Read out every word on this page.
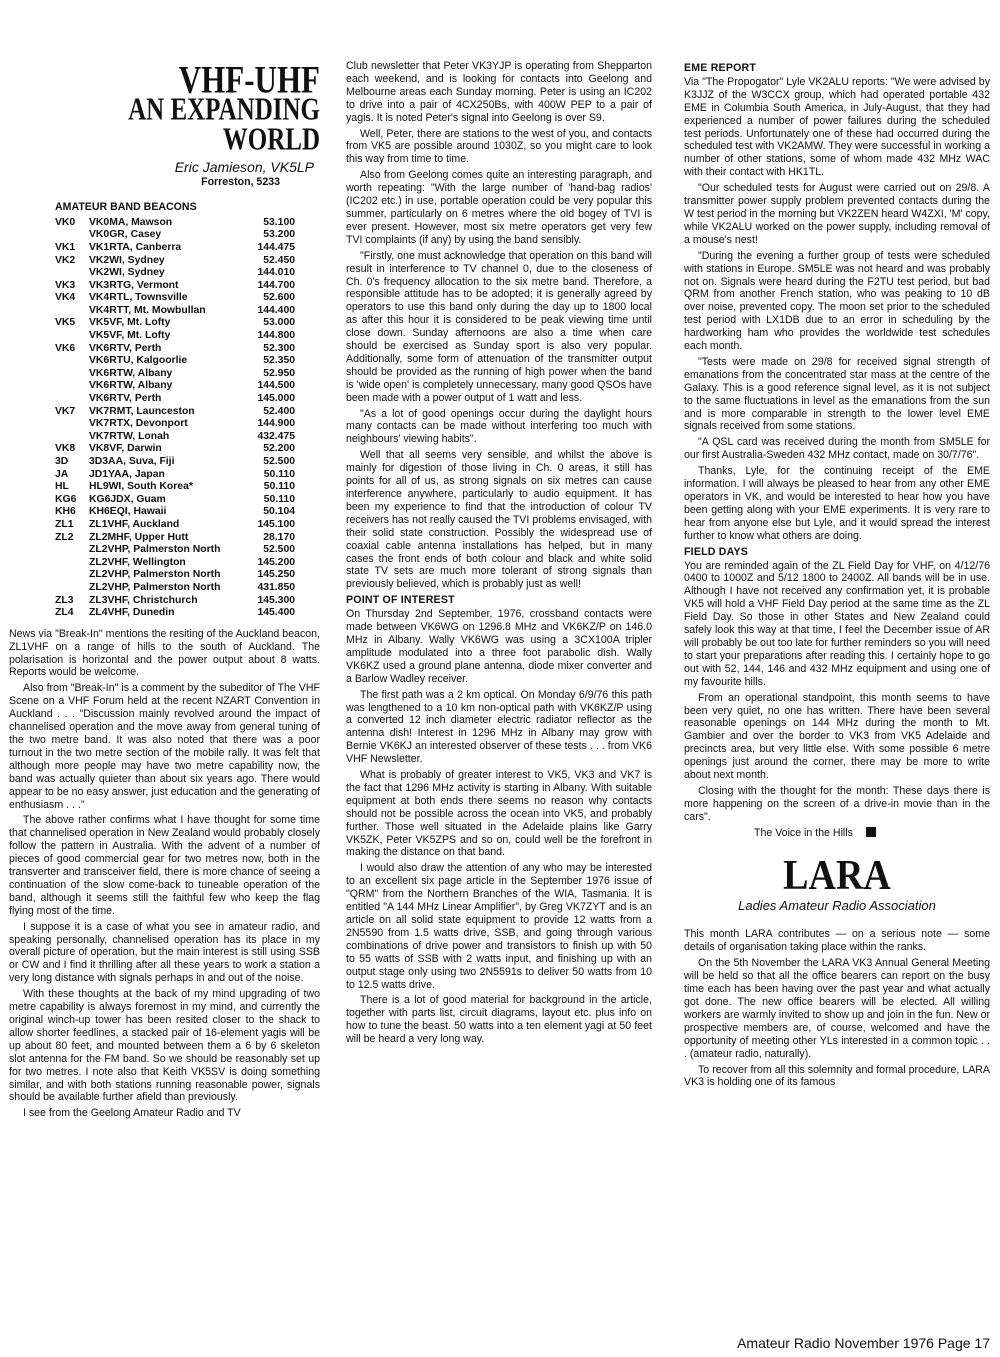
VHF-UHF
AN EXPANDING
WORLD
Eric Jamieson, VK5LP
Forreston, 5233
AMATEUR BAND BEACONS
VK0	VK0MA, Mawson	53.100
	VK0GR, Casey	53.200
VK1	VK1RTA, Canberra	144.475
VK2	VK2WI, Sydney	52.450
	VK2WI, Sydney	144.010
VK3	VK3RTG, Vermont	144.700
VK4	VK4RTL, Townsville	52.600
	VK4RTT, Mt. Mowbullan	144.400
VK5	VK5VF, Mt. Lofty	53.000
	VK5VF, Mt. Lofty	144.800
VK6	VK6RTV, Perth	52.300
	VK6RTU, Kalgoorlie	52.350
	VK6RTW, Albany	52.950
	VK6RTW, Albany	144.500
	VK6RTV, Perth	145.000
VK7	VK7RMT, Launceston	52.400
	VK7RTX, Devonport	144.900
	VK7RTW, Lonah	432.475
VK8	VK8VF, Darwin	52.200
3D	3D3AA, Suva, Fiji	52.500
JA	JD1YAA, Japan	50.110
HL	HL9WI, South Korea*	50.110
KG6	KG6JDX, Guam	50.110
KH6	KH6EQI, Hawaii	50.104
ZL1	ZL1VHF, Auckland	145.100
ZL2	ZL2MHF, Upper Hutt	28.170
	ZL2VHP, Palmerston North	52.500
	ZL2VHF, Wellington	145.200
	ZL2VHP, Palmerston North	145.250
	ZL2VHP, Palmerston North	431.850
ZL3	ZL3VHF, Christchurch	145.300
ZL4	ZL4VHF, Dunedin	145.400

News via "Break-In" mentions the resiting of the Auckland beacon, ZL1VHF on a range of hills to the south of Auckland. The polarisation is horizontal and the power output about 8 watts. Reports would be welcome.

Also from "Break-In" is a comment by the subeditor of The VHF Scene on a VHF Forum held at the recent NZART Convention in Auckland . . . "Discussion mainly revolved around the impact of channelised operation and the move away from general tuning of the two metre band. It was also noted that there was a poor turnout in the two metre section of the mobile rally. It was felt that although more people may have two metre capability now, the band was actually quieter than about six years ago. There would appear to be no easy answer, just education and the generating of enthusiasm . . ."

The above rather confirms what I have thought for some time that channelised operation in New Zealand would probably closely follow the pattern in Australia. With the advent of a number of pieces of good commercial gear for two metres now, both in the transverter and transceiver field, there is more chance of seeing a continuation of the slow come-back to tuneable operation of the band, although it seems still the faithful few who keep the flag flying most of the time.

I suppose it is a case of what you see in amateur radio, and speaking personally, channelised operation has its place in my overall picture of operation, but the main interest is still using SSB or CW and I find it thrilling after all these years to work a station a very long distance with signals perhaps in and out of the noise.

With these thoughts at the back of my mind upgrading of two metre capability is always foremost in my mind, and currently the original winch-up tower has been resited closer to the shack to allow shorter feedlines, a stacked pair of 16-element yagis will be up about 80 feet, and mounted between them a 6 by 6 skeleton slot antenna for the FM band. So we should be reasonably set up for two metres. I note also that Keith VK5SV is doing something similar, and with both stations running reasonable power, signals should be available further afield than previously.

I see from the Geelong Amateur Radio and TV

Club newsletter that Peter VK3YJP is operating from Shepparton each weekend, and is looking for contacts into Geelong and Melbourne areas each Sunday morning. Peter is using an IC202 to drive into a pair of 4CX250Bs, with 400W PEP to a pair of yagis. It is noted Peter's signal into Geelong is over S9.

Well, Peter, there are stations to the west of you, and contacts from VK5 are possible around 1030Z, so you might care to look this way from time to time.

Also from Geelong comes quite an interesting paragraph, and worth repeating: "With the large number of 'hand-bag radios' (IC202 etc.) in use, portable operation could be very popular this summer, particularly on 6 metres where the old bogey of TVI is ever present. However, most six metre operators get very few TVI complaints (if any) by using the band sensibly.

"Firstly, one must acknowledge that operation on this band will result in interference to TV channel 0, due to the closeness of Ch. 0's frequency allocation to the six metre band. Therefore, a responsible attitude has to be adopted; it is generally agreed by operators to use this band only during the day up to 1800 local as after this hour it is considered to be peak viewing time until close down. Sunday afternoons are also a time when care should be exercised as Sunday sport is also very popular. Additionally, some form of attenuation of the transmitter output should be provided as the running of high power when the band is 'wide open' is completely unnecessary, many good QSOs have been made with a power output of 1 watt and less.

"As a lot of good openings occur during the daylight hours many contacts can be made without interfering too much with neighbours' viewing habits".

Well that all seems very sensible, and whilst the above is mainly for digestion of those living in Ch. 0 areas, it still has points for all of us, as strong signals on six metres can cause interference anywhere, particularly to audio equipment. It has been my experience to find that the introduction of colour TV receivers has not really caused the TVI problems envisaged, with their solid state construction. Possibly the widespread use of coaxial cable antenna installations has helped, but in many cases the front ends of both colour and black and white solid state TV sets are much more tolerant of strong signals than previously believed, which is probably just as well!

POINT OF INTEREST

On Thursday 2nd September, 1976, crossband contacts were made between VK6WG on 1296.8 MHz and VK6KZ/P on 146.0 MHz in Albany. Wally VK6WG was using a 3CX100A tripler amplitude modulated into a three foot parabolic dish. Wally VK6KZ used a ground plane antenna, diode mixer converter and a Barlow Wadley receiver.

The first path was a 2 km optical. On Monday 6/9/76 this path was lengthened to a 10 km non-optical path with VK6KZ/P using a converted 12 inch diameter electric radiator reflector as the antenna dish! Interest in 1296 MHz in Albany may grow with Bernie VK6KJ an interested observer of these tests . . . from VK6 VHF Newsletter.

What is probably of greater interest to VK5, VK3 and VK7 is the fact that 1296 MHz activity is starting in Albany. With suitable equipment at both ends there seems no reason why contacts should not be possible across the ocean into VK5, and probably further. Those well situated in the Adelaide plains like Garry VK5ZK, Peter VK5ZPS and so on, could well be the forefront in making the distance on that band.

I would also draw the attention of any who may be interested to an excellent six page article in the September 1976 issue of "QRM" from the Northern Branches of the WIA, Tasmania. It is entitled "A 144 MHz Linear Amplifier", by Greg VK7ZYT and is an article on all solid state equipment to provide 12 watts from a 2N5590 from 1.5 watts drive, SSB, and going through various combinations of drive power and transistors to finish up with 50 to 55 watts of SSB with 2 watts input, and finishing up with an output stage only using two 2N5591s to deliver 50 watts from 10 to 12.5 watts drive.

There is a lot of good material for background in the article, together with parts list, circuit diagrams, layout etc. plus info on how to tune the beast. 50 watts into a ten element yagi at 50 feet will be heard a very long way.

EME REPORT

Via "The Propogator" Lyle VK2ALU reports: "We were advised by K3JJZ of the W3CCX group, which had operated portable 432 EME in Columbia South America, in July-August, that they had experienced a number of power failures during the scheduled test periods. Unfortunately one of these had occurred during the scheduled test with VK2AMW. They were successful in working a number of other stations, some of whom made 432 MHz WAC with their contact with HK1TL.

"Our scheduled tests for August were carried out on 29/8. A transmitter power supply problem prevented contacts during the W test period in the morning but VK2ZEN heard W4ZXI, 'M' copy, while VK2ALU worked on the power supply, including removal of a mouse's nest!

"During the evening a further group of tests were scheduled with stations in Europe. SM5LE was not heard and was probably not on. Signals were heard during the F2TU test period, but bad QRM from another French station, who was peaking to 10 dB over noise, prevented copy. The moon set prior to the scheduled test period with LX1DB due to an error in scheduling by the hardworking ham who provides the worldwide test schedules each month.

"Tests were made on 29/8 for received signal strength of emanations from the concentrated star mass at the centre of the Galaxy. This is a good reference signal level, as it is not subject to the same fluctuations in level as the emanations from the sun and is more comparable in strength to the lower level EME signals received from some stations.

"A QSL card was received during the month from SM5LE for our first Australia-Sweden 432 MHz contact, made on 30/7/76".

Thanks, Lyle, for the continuing receipt of the EME information. I will always be pleased to hear from any other EME operators in VK, and would be interested to hear how you have been getting along with your EME experiments. It is very rare to hear from anyone else but Lyle, and it would spread the interest further to know what others are doing.

FIELD DAYS

You are reminded again of the ZL Field Day for VHF, on 4/12/76 0400 to 1000Z and 5/12 1800 to 2400Z. All bands will be in use. Although I have not received any confirmation yet, it is probable VK5 will hold a VHF Field Day period at the same time as the ZL Field Day. So those in other States and New Zealand could safely look this way at that time, I feel the December issue of AR will probably be out too late for further reminders so you will need to start your preparations after reading this. I certainly hope to go out with 52, 144, 146 and 432 MHz equipment and using one of my favourite hills.

From an operational standpoint, this month seems to have been very quiet, no one has written. There have been several reasonable openings on 144 MHz during the month to Mt. Gambier and over the border to VK3 from VK5 Adelaide and precincts area, but very little else. With some possible 6 metre openings just around the corner, there may be more to write about next month.

Closing with the thought for the month: These days there is more happening on the screen of a drive-in movie than in the cars".

The Voice in the Hills

LARA
Ladies Amateur Radio Association

This month LARA contributes — on a serious note — some details of organisation taking place within the ranks.

On the 5th November the LARA VK3 Annual General Meeting will be held so that all the office bearers can report on the busy time each has been having over the past year and what actually got done. The new office bearers will be elected. All willing workers are warmly invited to show up and join in the fun. New or prospective members are, of course, welcomed and have the opportunity of meeting other YLs interested in a common topic . . . (amateur radio, naturally).

To recover from all this solemnity and formal procedure, LARA VK3 is holding one of its famous

Amateur Radio November 1976 Page 17
